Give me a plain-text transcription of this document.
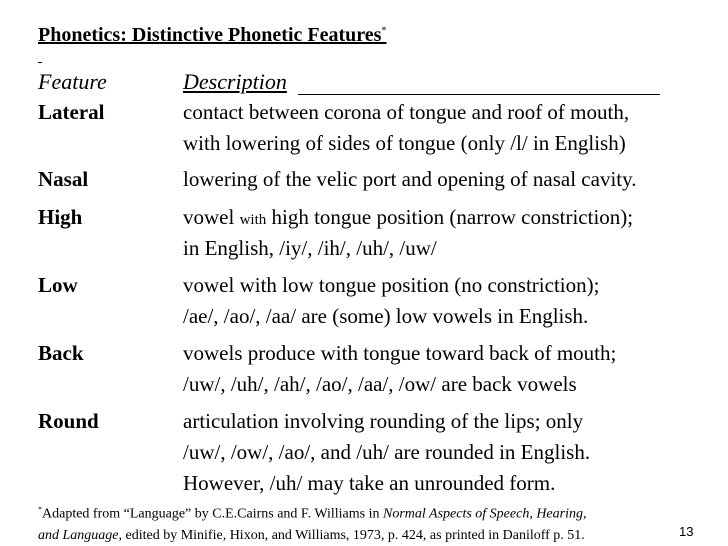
Phonetics: Distinctive Phonetic Features*
Feature	Description
Lateral	contact between corona of tongue and roof of mouth,
with lowering of sides of tongue (only /l/ in English)
Nasal	lowering of the velic port and opening of nasal cavity.
High	vowel with high tongue position (narrow constriction);
in English, /iy/, /ih/, /uh/, /uw/
Low	vowel with low tongue position (no constriction);
/ae/, /ao/, /aa/ are (some) low vowels in English.
Back	vowels produce with tongue toward back of mouth;
/uw/, /uh/, /ah/, /ao/, /aa/, /ow/ are back vowels
Round	articulation involving rounding of the lips; only
/uw/, /ow/, /ao/, and /uh/ are rounded in English.
However, /uh/ may take an unrounded form.
*Adapted from “Language” by C.E.Cairns and F. Williams in Normal Aspects of Speech, Hearing,
and Language, edited by Minifie, Hixon, and Williams, 1973, p. 424, as printed in Daniloff p. 51.	13
